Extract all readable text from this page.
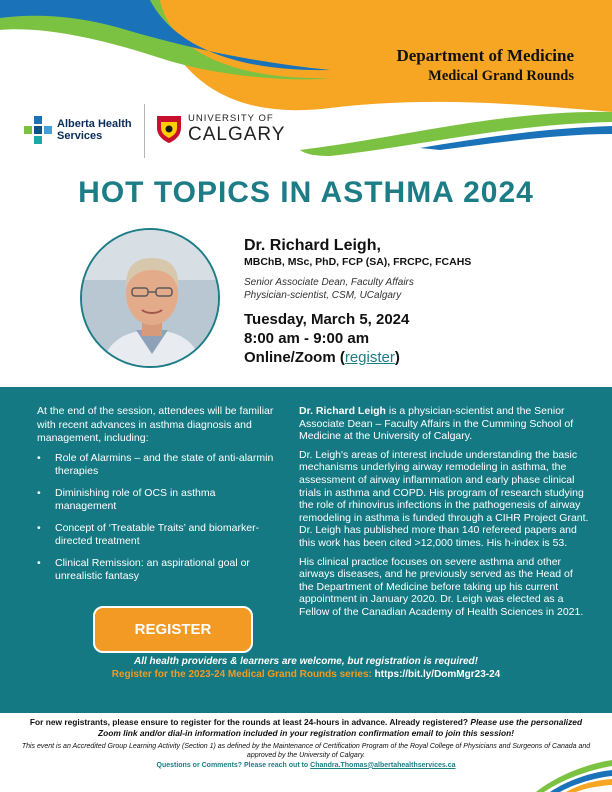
Department of Medicine
Medical Grand Rounds
Alberta Health
Services
UNIVERSITY OF
CALGARY
HOT TOPICS IN ASTHMA 2024
Dr. Richard Leigh,
MBChB, MSc, PhD, FCP (SA), FRCPC, FCAHS
Senior Associate Dean, Faculty Affairs
Physician-scientist, CSM, UCalgary
Tuesday, March 5, 2024
8:00 am - 9:00 am
Online/Zoom (register)
At the end of the session, attendees will be familiar with recent advances in asthma diagnosis and management, including:
• Role of Alarmins – and the state of anti-alarmin therapies
• Diminishing role of OCS in asthma management
• Concept of ‘Treatable Traits’ and biomarker-directed treatment
• Clinical Remission: an aspirational goal or unrealistic fantasy
REGISTER

Dr. Richard Leigh is a physician-scientist and the Senior Associate Dean – Faculty Affairs in the Cumming School of Medicine at the University of Calgary.

Dr. Leigh's areas of interest include understanding the basic mechanisms underlying airway remodeling in asthma, the assessment of airway inflammation and early phase clinical trials in asthma and COPD. His program of research studying the role of rhinovirus infections in the pathogenesis of airway remodeling in asthma is funded through a CIHR Project Grant. Dr. Leigh has published more than 140 refereed papers and this work has been cited >12,000 times. His h-index is 53.

His clinical practice focuses on severe asthma and other airways diseases, and he previously served as the Head of the Department of Medicine before taking up his current appointment in January 2020. Dr. Leigh was elected as a Fellow of the Canadian Academy of Health Sciences in 2021.

All health providers & learners are welcome, but registration is required!
Register for the 2023-24 Medical Grand Rounds series: https://bit.ly/DomMgr23-24
For new registrants, please ensure to register for the rounds at least 24-hours in advance. Already registered? Please use the personalized Zoom link and/or dial-in information included in your registration confirmation email to join this session!
This event is an Accredited Group Learning Activity (Section 1) as defined by the Maintenance of Certification Program of the Royal College of Physicians and Surgeons of Canada and approved by the University of Calgary.
Questions or Comments? Please reach out to Chandra.Thomas@albertahealthservices.ca
